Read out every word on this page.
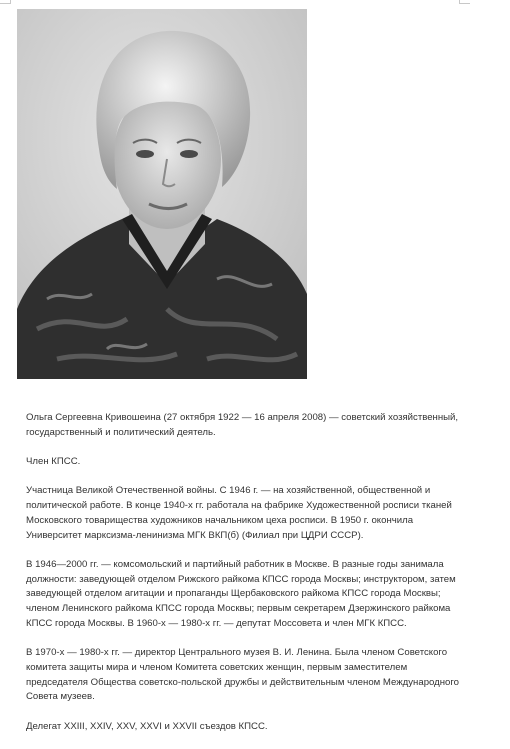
Ольга Сергеевна Кривошеина (27 октября 1922 — 16 апреля 2008) — советский хозяйственный, государственный и политический деятель.

Член КПСС.

Участница Великой Отечественной войны. С 1946 г. — на хозяйственной, общественной и политической работе. В конце 1940-х гг. работала на фабрике Художественной росписи тканей Московского товарищества художников начальником цеха росписи. В 1950 г. окончила Университет марксизма-ленинизма МГК ВКП(б) (Филиал при ЦДРИ СССР).

В 1946—2000 гг. — комсомольский и партийный работник в Москве. В разные годы занимала должности: заведующей отделом Рижского райкома КПСС города Москвы; инструктором, затем заведующей отделом агитации и пропаганды Щербаковского райкома КПСС города Москвы; членом Ленинского райкома КПСС города Москвы; первым секретарем Дзержинского райкома КПСС города Москвы. В 1960-х — 1980-х гг. — депутат Моссовета и член МГК КПСС.

В 1970-х — 1980-х гг. — директор Центрального музея В. И. Ленина. Была членом Советского комитета защиты мира и членом Комитета советских женщин, первым заместителем председателя Общества советско-польской дружбы и действительным членом Международного Совета музеев.

Делегат XXIII, XXIV, XXV, XXVI и XXVII съездов КПСС.
